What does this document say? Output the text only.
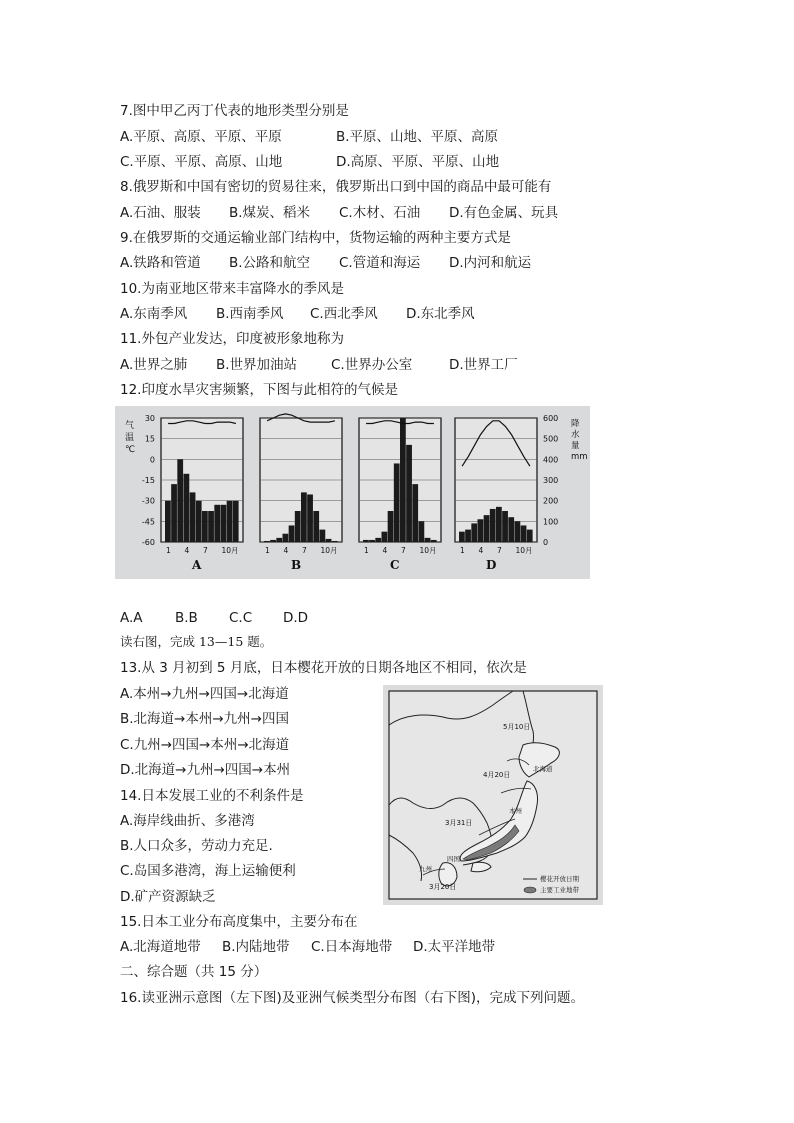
7.图中甲乙丙丁代表的地形类型分别是
A.平原、高原、平原、平原	B.平原、山地、平原、高原
C.平原、平原、高原、山地	D.高原、平原、平原、山地
8.俄罗斯和中国有密切的贸易往来，俄罗斯出口到中国的商品中最可能有
A.石油、服装 B.煤炭、稻米 C.木材、石油 D.有色金属、玩具
9.在俄罗斯的交通运输业部门结构中，货物运输的两种主要方式是
A.铁路和管道 B.公路和航空 C.管道和海运 D.内河和航运
10.为南亚地区带来丰富降水的季风是
A.东南季风 B.西南季风 C.西北季风 D.东北季风
11.外包产业发达，印度被形象地称为
A.世界之肺 B.世界加油站	C.世界办公室	D.世界工厂
12.印度水旱灾害频繁，下图与此相符的气候是
气
温
℃
降
水
量
mm
30
15
0
-15
-30
-45
-60
600
500
400
300
200
100
0
1 4 7 10月
A
1 4 7 10月
B
1 4 7 10月
C
1 4 7 10月
D
A.A B.B C.C D.D
读右图，完成 13—15 题。
13.从 3 月初到 5 月底，日本樱花开放的日期各地区不相同，依次是
A.本州→九州→四国→北海道
B.北海道→本州→九州→四国
C.九州→四国→本州→北海道
D.北海道→九州→四国→本州
14.日本发展工业的不利条件是
A.海岸线曲折、多港湾
B.人口众多，劳动力充足.
C.岛国多港湾，海上运输便利
D.矿产资源缺乏
5月10日
北海道
4月20日
本州
3月31日
四国
九州
3月20日
樱花开放日期
主要工业地带
15.日本工业分布高度集中，主要分布在
A.北海道地带 B.内陆地带 C.日本海地带 D.太平洋地带
二、综合题（共 15 分）
16.读亚洲示意图（左下图)及亚洲气候类型分布图（右下图)，完成下列问题。
